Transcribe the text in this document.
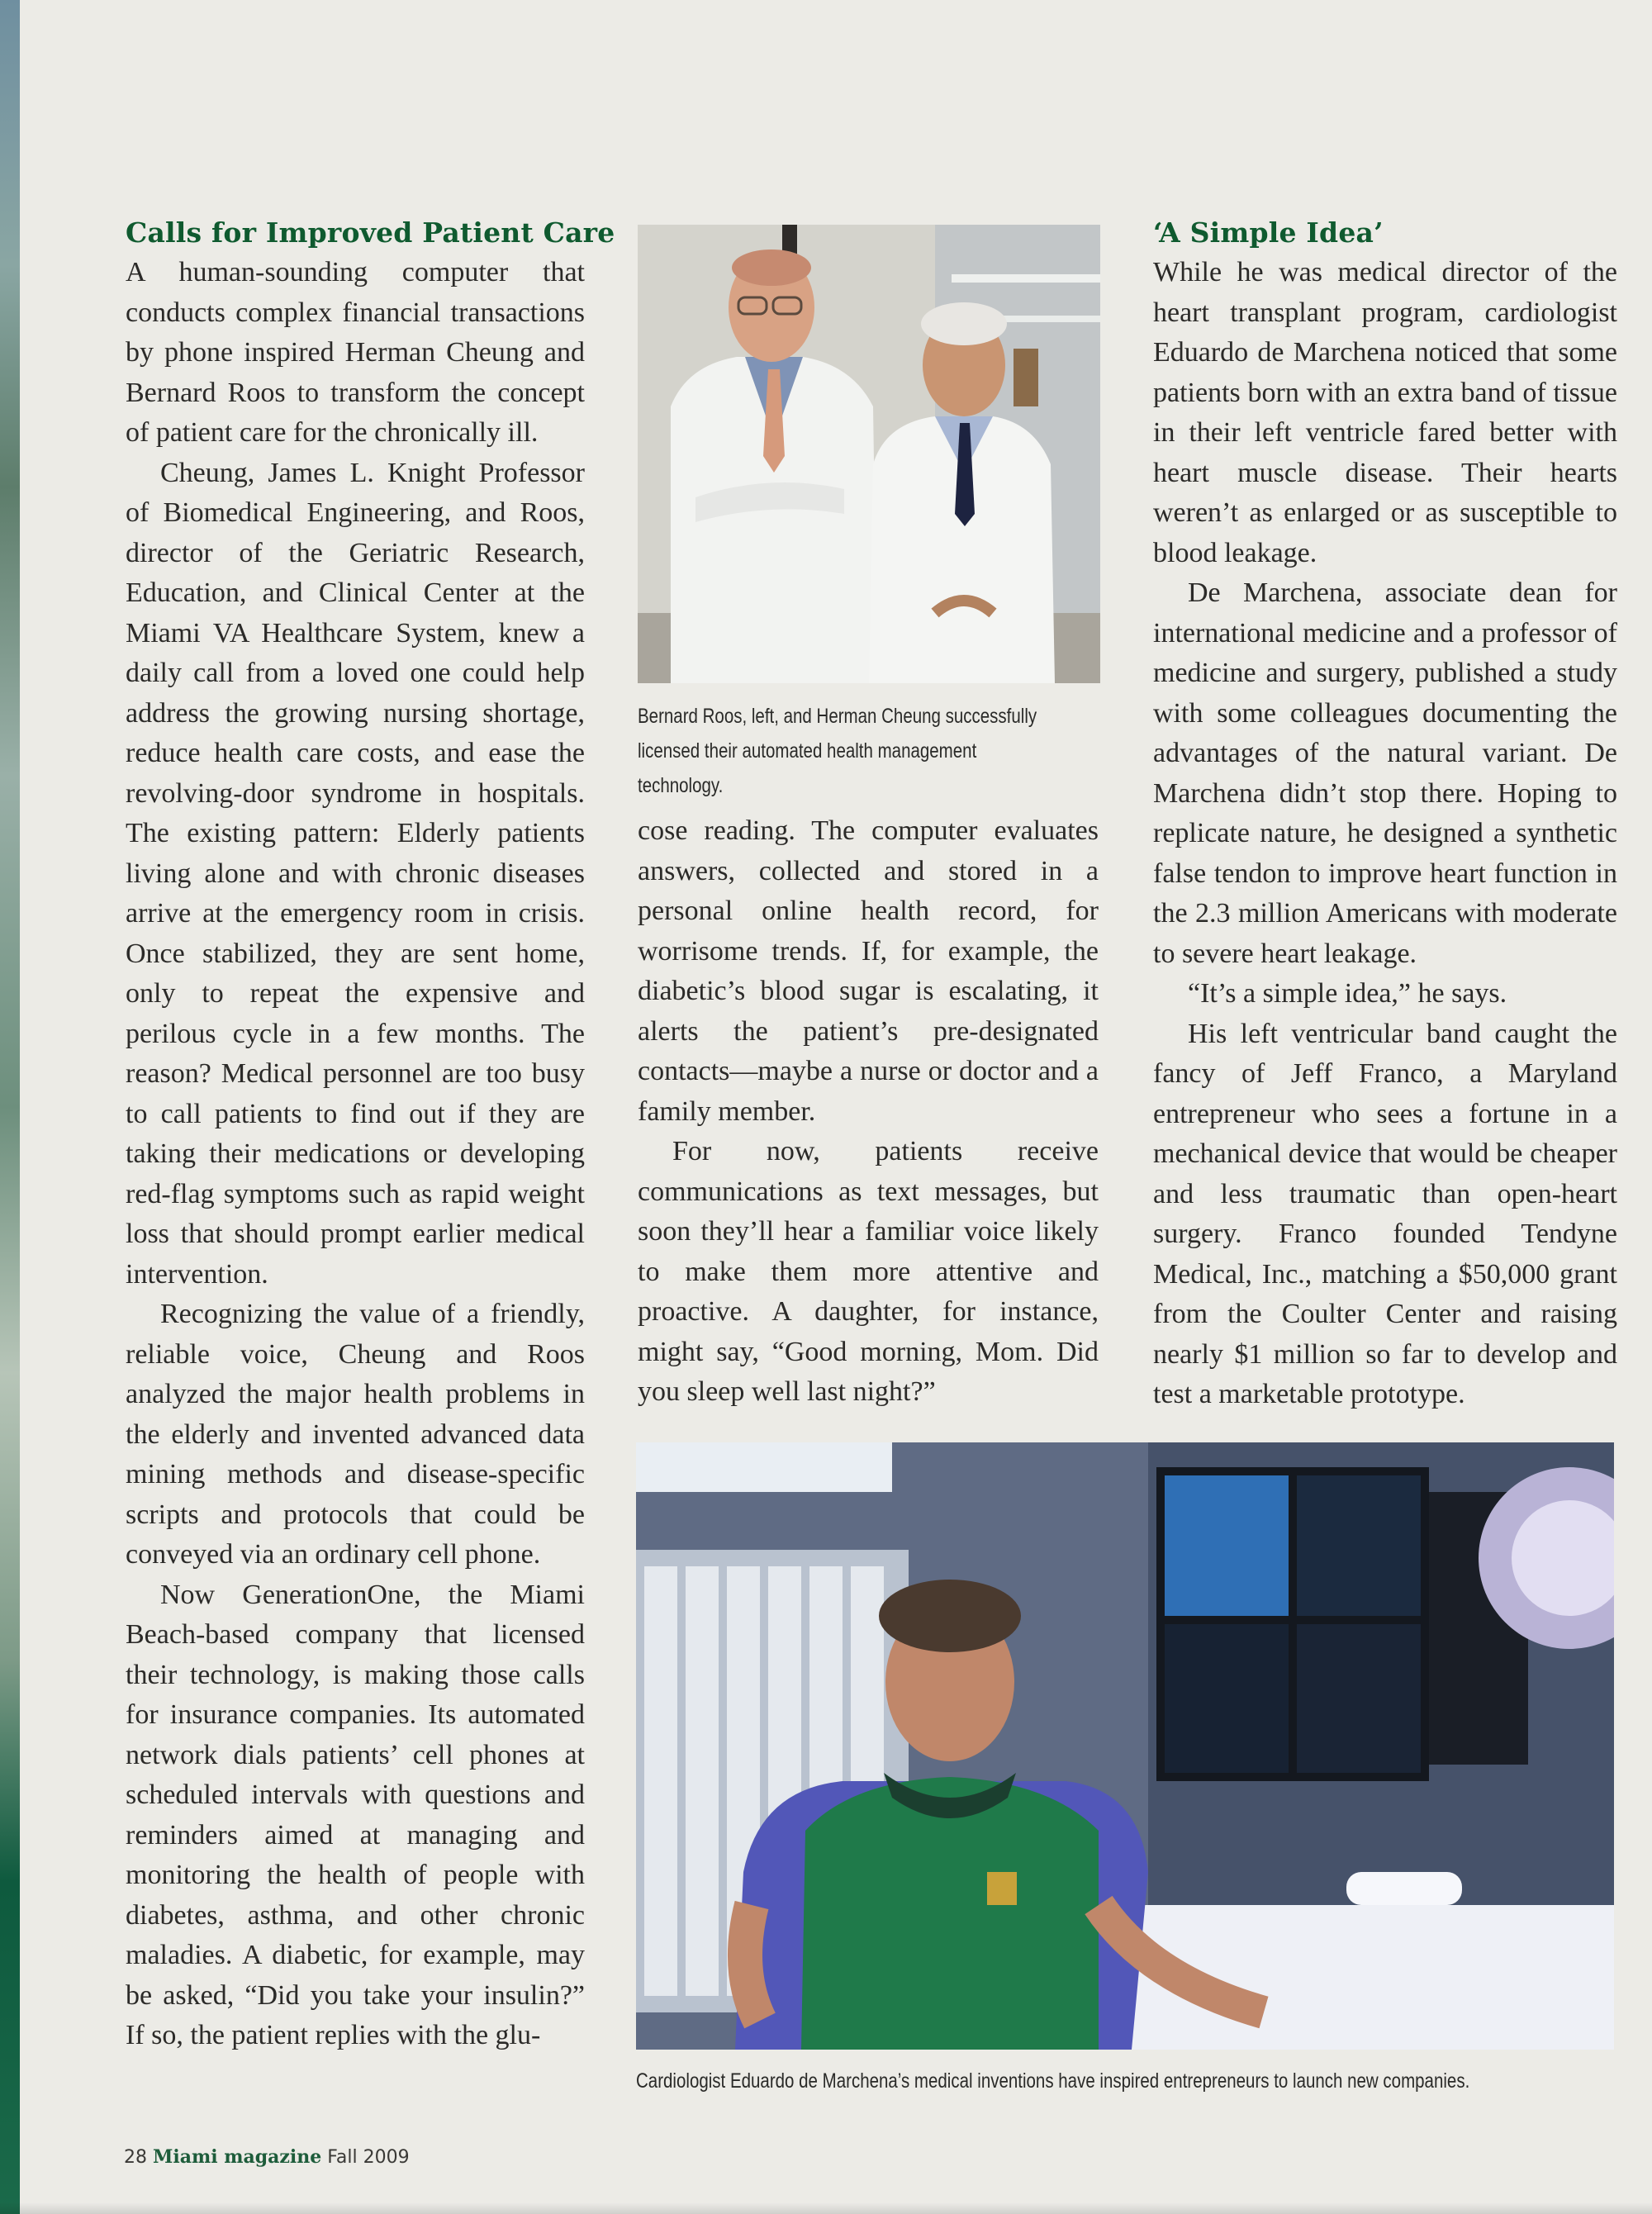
Calls for Improved Patient Care

A human-sounding computer that conducts complex financial transactions by phone inspired Herman Cheung and Bernard Roos to transform the concept of patient care for the chronically ill.

Cheung, James L. Knight Professor of Biomedical Engineering, and Roos, director of the Geriatric Research, Education, and Clinical Center at the Miami VA Healthcare System, knew a daily call from a loved one could help address the growing nursing shortage, reduce health care costs, and ease the revolving-door syndrome in hospitals. The existing pattern: Elderly patients living alone and with chronic diseases arrive at the emergency room in crisis. Once stabilized, they are sent home, only to repeat the expensive and perilous cycle in a few months. The reason? Medical personnel are too busy to call patients to find out if they are taking their medications or developing red-flag symptoms such as rapid weight loss that should prompt earlier medical intervention.

Recognizing the value of a friendly, reliable voice, Cheung and Roos analyzed the major health problems in the elderly and invented advanced data mining methods and disease-specific scripts and protocols that could be conveyed via an ordinary cell phone.

Now GenerationOne, the Miami Beach-based company that licensed their technology, is making those calls for insurance companies. Its automated network dials patients’ cell phones at scheduled intervals with questions and reminders aimed at managing and monitoring the health of people with diabetes, asthma, and other chronic maladies. A diabetic, for example, may be asked, “Did you take your insulin?” If so, the patient replies with the glu-

Bernard Roos, left, and Herman Cheung successfully licensed their automated health management technology.

cose reading. The computer evaluates answers, collected and stored in a personal online health record, for worrisome trends. If, for example, the diabetic’s blood sugar is escalating, it alerts the patient’s pre-designated contacts—maybe a nurse or doctor and a family member.

For now, patients receive communications as text messages, but soon they’ll hear a familiar voice likely to make them more attentive and proactive. A daughter, for instance, might say, “Good morning, Mom. Did you sleep well last night?”

‘A Simple Idea’

While he was medical director of the heart transplant program, cardiologist Eduardo de Marchena noticed that some patients born with an extra band of tissue in their left ventricle fared better with heart muscle disease. Their hearts weren’t as enlarged or as susceptible to blood leakage.

De Marchena, associate dean for international medicine and a professor of medicine and surgery, published a study with some colleagues documenting the advantages of the natural variant. De Marchena didn’t stop there. Hoping to replicate nature, he designed a synthetic false tendon to improve heart function in the 2.3 million Americans with moderate to severe heart leakage.

“It’s a simple idea,” he says.

His left ventricular band caught the fancy of Jeff Franco, a Maryland entrepreneur who sees a fortune in a mechanical device that would be cheaper and less traumatic than open-heart surgery. Franco founded Tendyne Medical, Inc., matching a $50,000 grant from the Coulter Center and raising nearly $1 million so far to develop and test a marketable prototype.

Cardiologist Eduardo de Marchena’s medical inventions have inspired entrepreneurs to launch new companies.
28 Miami magazine Fall 2009
